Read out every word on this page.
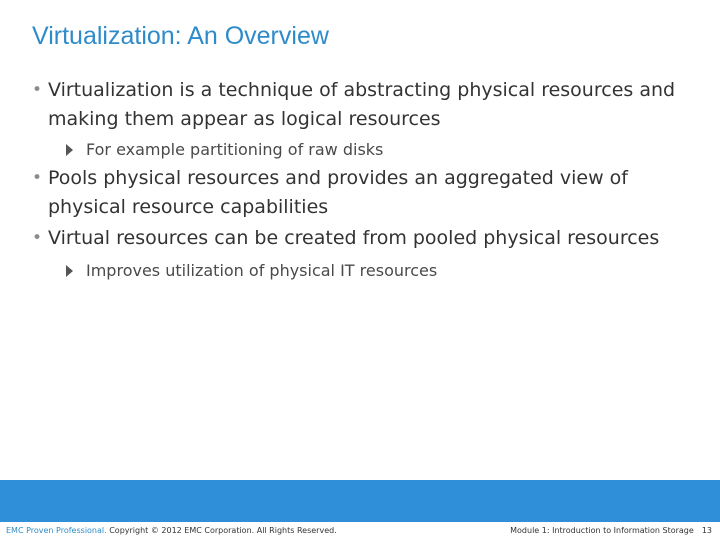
Virtualization: An Overview
• Virtualization is a technique of abstracting physical resources and making them appear as logical resources
For example partitioning of raw disks
• Pools physical resources and provides an aggregated view of physical resource capabilities
• Virtual resources can be created from pooled physical resources
Improves utilization of physical IT resources
EMC Proven Professional. Copyright © 2012 EMC Corporation. All Rights Reserved.	Module 1: Introduction to Information Storage 13
